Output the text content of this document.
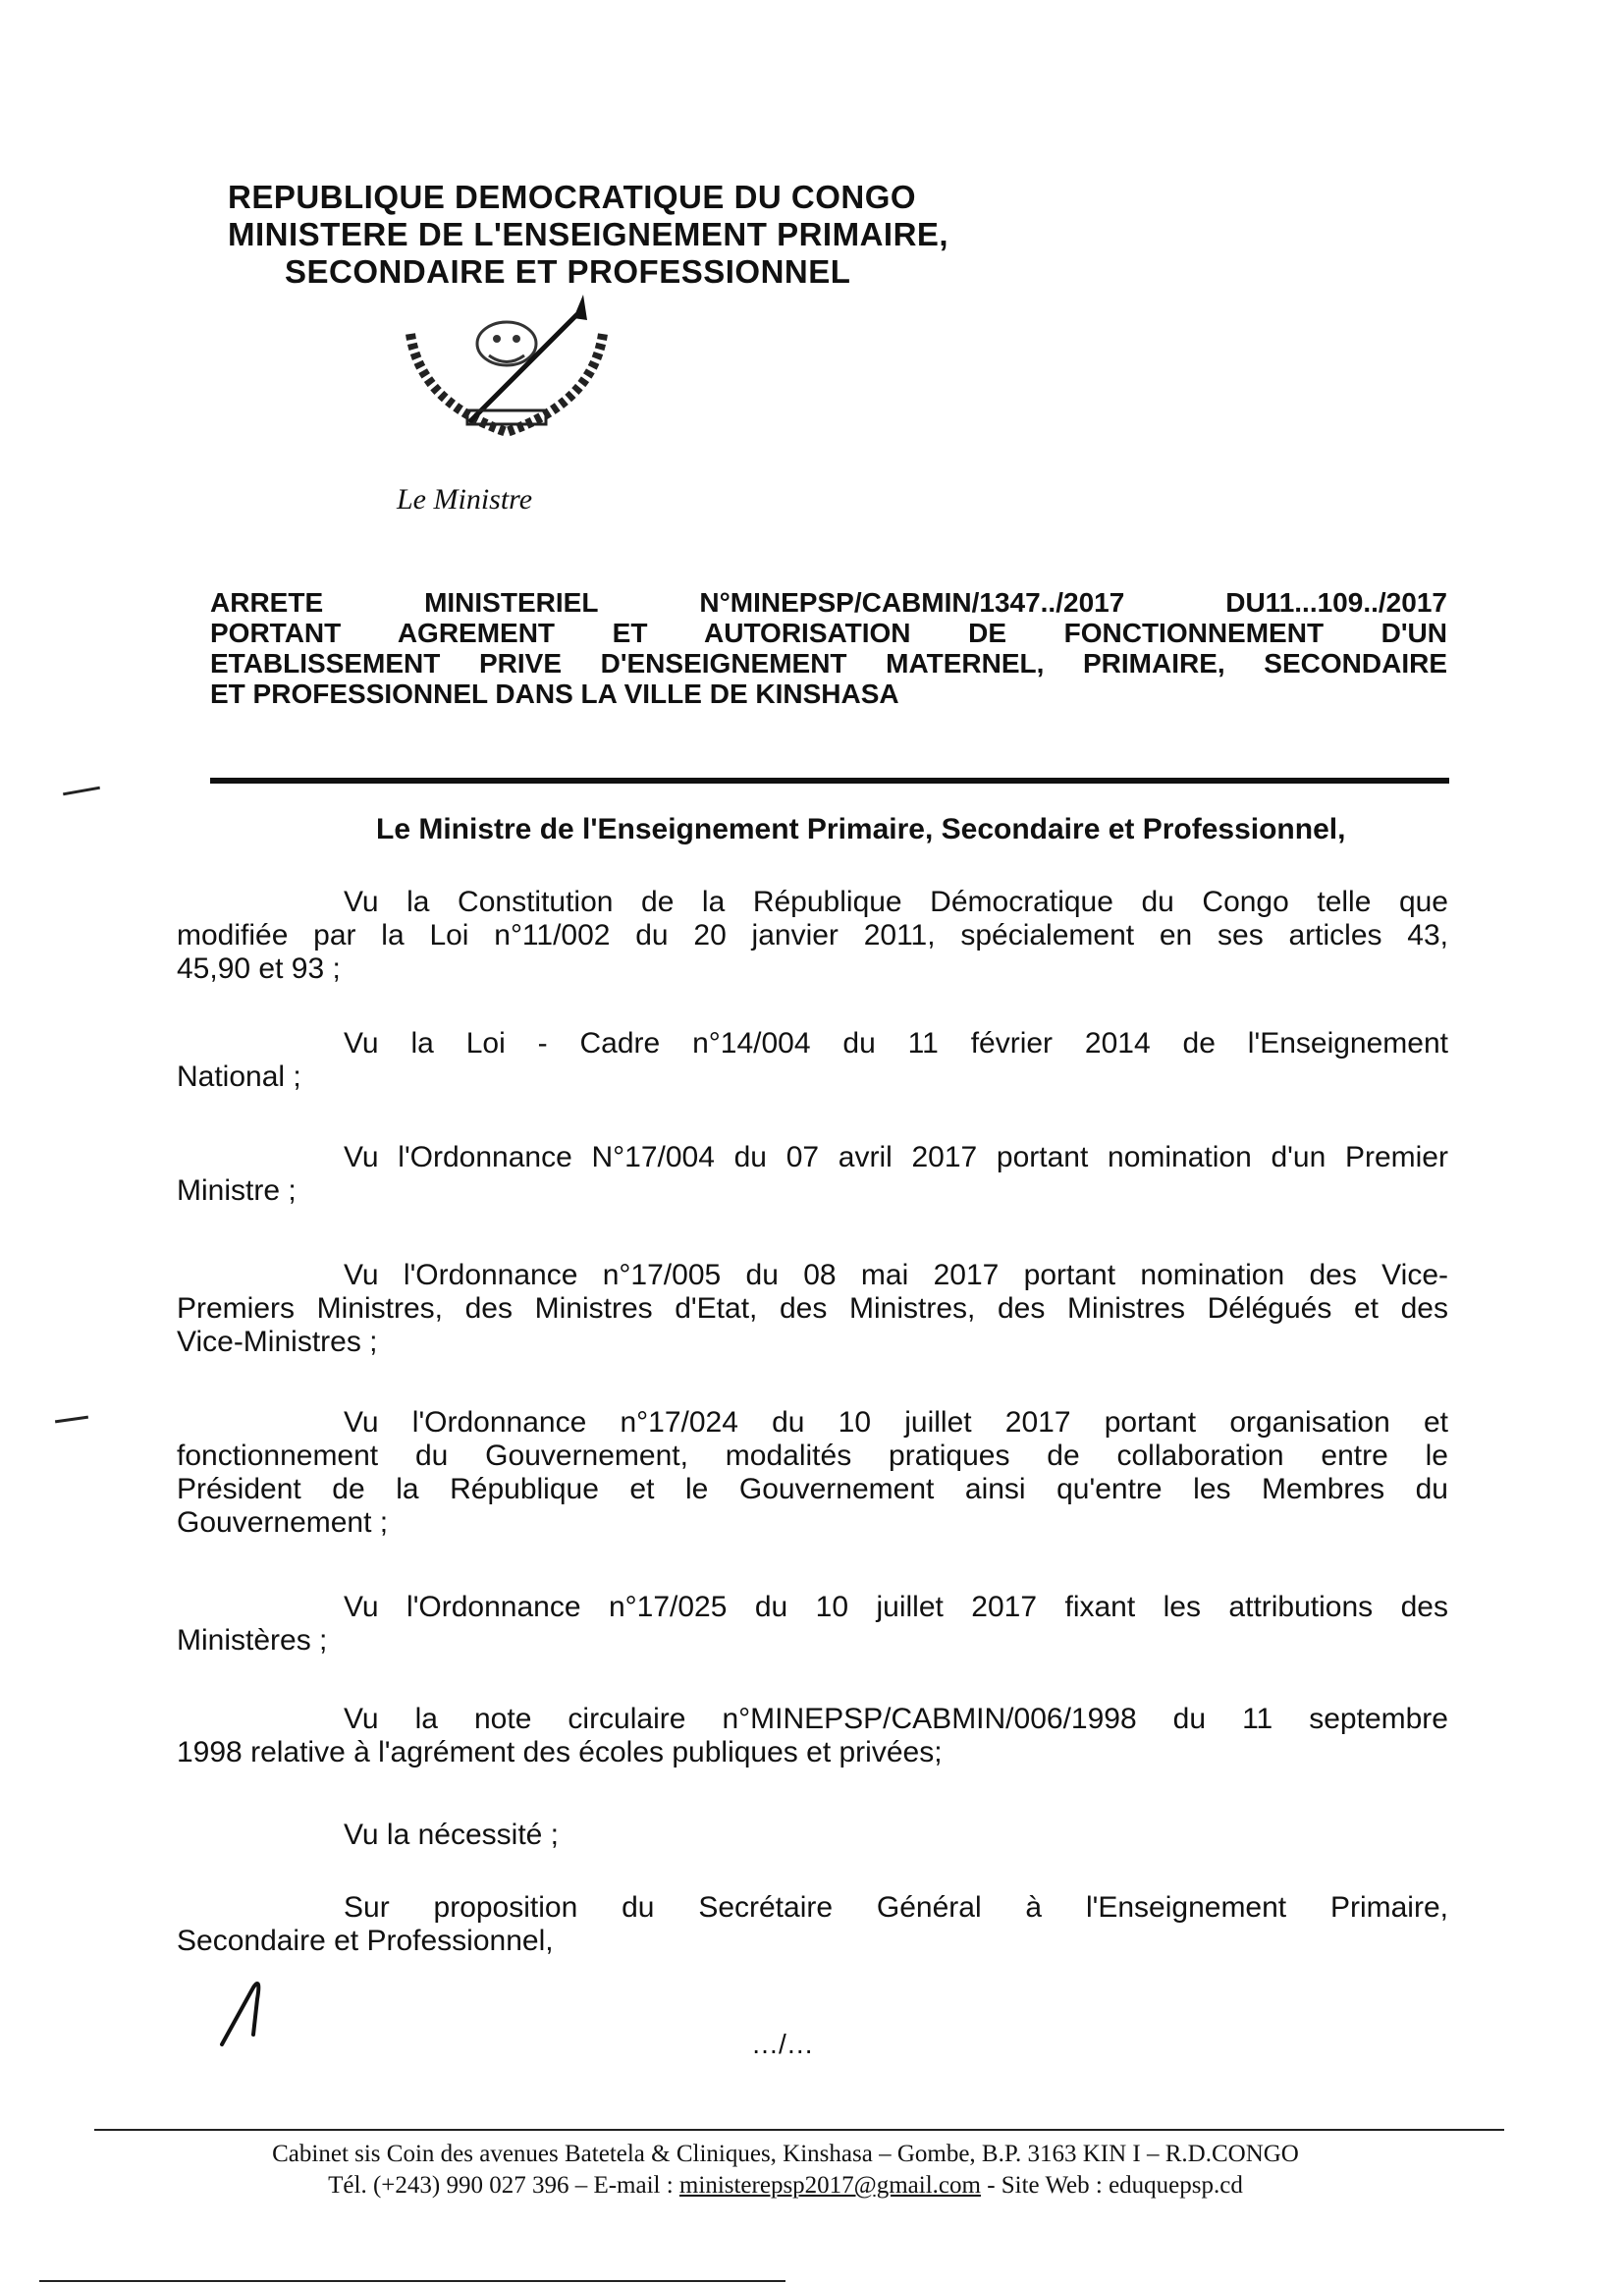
REPUBLIQUE DEMOCRATIQUE DU CONGO
MINISTERE DE L'ENSEIGNEMENT PRIMAIRE,
SECONDAIRE ET PROFESSIONNEL
Le Ministre
ARRETE	MINISTERIEL	N°MINEPSP/CABMIN/1347../2017	DU11...109../2017
PORTANT AGREMENT ET AUTORISATION DE FONCTIONNEMENT D'UN
ETABLISSEMENT PRIVE D'ENSEIGNEMENT MATERNEL, PRIMAIRE, SECONDAIRE
ET PROFESSIONNEL DANS LA VILLE DE KINSHASA
Le Ministre de l'Enseignement Primaire, Secondaire et Professionnel,
Vu la Constitution de la République Démocratique du Congo telle que
modifiée par la Loi n°11/002 du 20 janvier 2011, spécialement en ses articles 43,
45,90 et 93 ;
Vu la Loi - Cadre n°14/004 du 11 février 2014 de l'Enseignement
National ;
Vu l'Ordonnance N°17/004 du 07 avril 2017 portant nomination d'un Premier
Ministre ;
Vu l'Ordonnance n°17/005 du 08 mai 2017 portant nomination des Vice-
Premiers Ministres, des Ministres d'Etat, des Ministres, des Ministres Délégués et des
Vice-Ministres ;
Vu l'Ordonnance n°17/024 du 10 juillet 2017 portant organisation et
fonctionnement du Gouvernement, modalités pratiques de collaboration entre le
Président de la République et le Gouvernement ainsi qu'entre les Membres du
Gouvernement ;
Vu l'Ordonnance n°17/025 du 10 juillet 2017 fixant les attributions des
Ministères ;
Vu la note circulaire n°MINEPSP/CABMIN/006/1998 du 11 septembre
1998 relative à l'agrément des écoles publiques et privées;
Vu la nécessité ;
Sur proposition du Secrétaire Général à l'Enseignement Primaire,
Secondaire et Professionnel,
…/…
Cabinet sis Coin des avenues Batetela & Cliniques, Kinshasa – Gombe, B.P. 3163 KIN I – R.D.CONGO
Tél. (+243) 990 027 396 – E-mail : ministerepsp2017@gmail.com - Site Web : eduquepsp.cd
